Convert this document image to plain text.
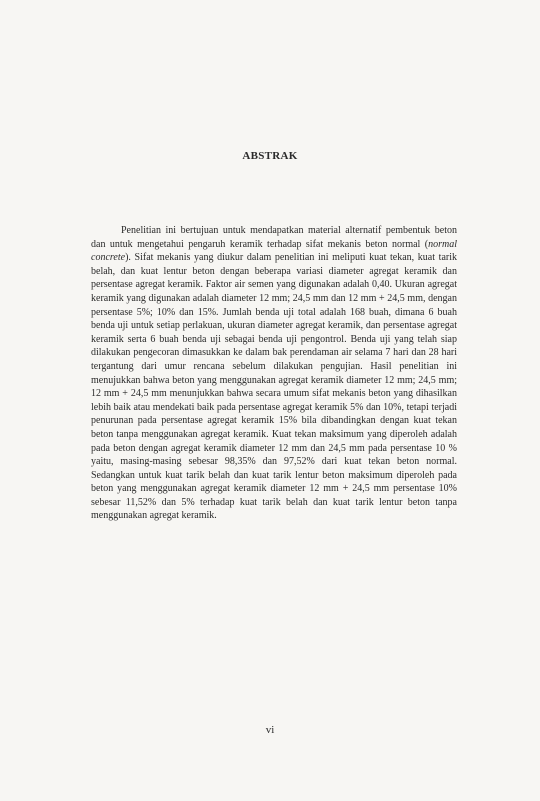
ABSTRAK

Penelitian ini bertujuan untuk mendapatkan material alternatif pembentuk beton dan untuk mengetahui pengaruh keramik terhadap sifat mekanis beton normal (normal concrete). Sifat mekanis yang diukur dalam penelitian ini meliputi kuat tekan, kuat tarik belah, dan kuat lentur beton dengan beberapa variasi diameter agregat keramik dan persentase agregat keramik. Faktor air semen yang digunakan adalah 0,40. Ukuran agregat keramik yang digunakan adalah diameter 12 mm; 24,5 mm dan 12 mm + 24,5 mm, dengan persentase 5%; 10% dan 15%. Jumlah benda uji total adalah 168 buah, dimana 6 buah benda uji untuk setiap perlakuan, ukuran diameter agregat keramik, dan persentase agregat keramik serta 6 buah benda uji sebagai benda uji pengontrol. Benda uji yang telah siap dilakukan pengecoran dimasukkan ke dalam bak perendaman air selama 7 hari dan 28 hari tergantung dari umur rencana sebelum dilakukan pengujian. Hasil penelitian ini menujukkan bahwa beton yang menggunakan agregat keramik diameter 12 mm; 24,5 mm; 12 mm + 24,5 mm menunjukkan bahwa secara umum sifat mekanis beton yang dihasilkan lebih baik atau mendekati baik pada persentase agregat keramik 5% dan 10%, tetapi terjadi penurunan pada persentase agregat keramik 15% bila dibandingkan dengan kuat tekan beton tanpa menggunakan agregat keramik. Kuat tekan maksimum yang diperoleh adalah pada beton dengan agregat keramik diameter 12 mm dan 24,5 mm pada persentase 10 % yaitu, masing-masing sebesar 98,35% dan 97,52% dari kuat tekan beton normal. Sedangkan untuk kuat tarik belah dan kuat tarik lentur beton maksimum diperoleh pada beton yang menggunakan agregat keramik diameter 12 mm + 24,5 mm persentase 10% sebesar 11,52% dan 5% terhadap kuat tarik belah dan kuat tarik lentur beton tanpa menggunakan agregat keramik.

vi
